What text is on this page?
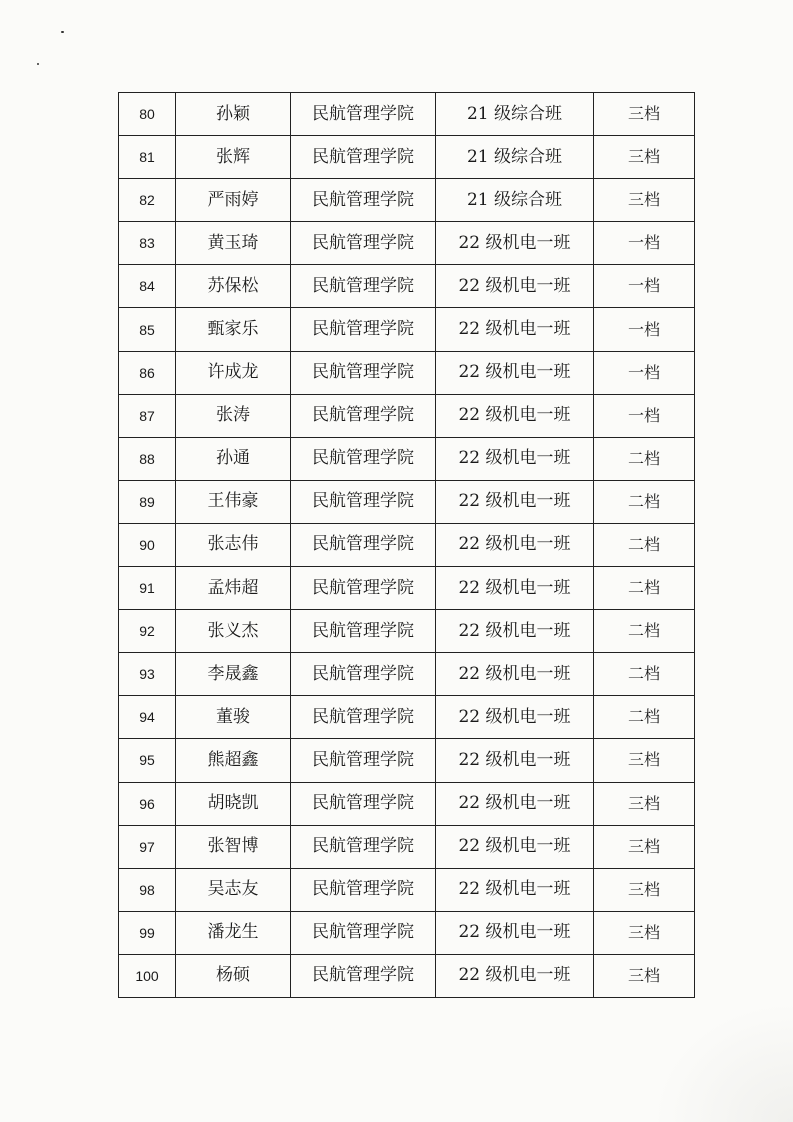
80	孙颖	民航管理学院	21 级综合班	三档
81	张辉	民航管理学院	21 级综合班	三档
82	严雨婷	民航管理学院	21 级综合班	三档
83	黄玉琦	民航管理学院	22 级机电一班	一档
84	苏保松	民航管理学院	22 级机电一班	一档
85	甄家乐	民航管理学院	22 级机电一班	一档
86	许成龙	民航管理学院	22 级机电一班	一档
87	张涛	民航管理学院	22 级机电一班	一档
88	孙通	民航管理学院	22 级机电一班	二档
89	王伟豪	民航管理学院	22 级机电一班	二档
90	张志伟	民航管理学院	22 级机电一班	二档
91	孟炜超	民航管理学院	22 级机电一班	二档
92	张义杰	民航管理学院	22 级机电一班	二档
93	李晟鑫	民航管理学院	22 级机电一班	二档
94	董骏	民航管理学院	22 级机电一班	二档
95	熊超鑫	民航管理学院	22 级机电一班	三档
96	胡晓凯	民航管理学院	22 级机电一班	三档
97	张智博	民航管理学院	22 级机电一班	三档
98	吴志友	民航管理学院	22 级机电一班	三档
99	潘龙生	民航管理学院	22 级机电一班	三档
100	杨硕	民航管理学院	22 级机电一班	三档
